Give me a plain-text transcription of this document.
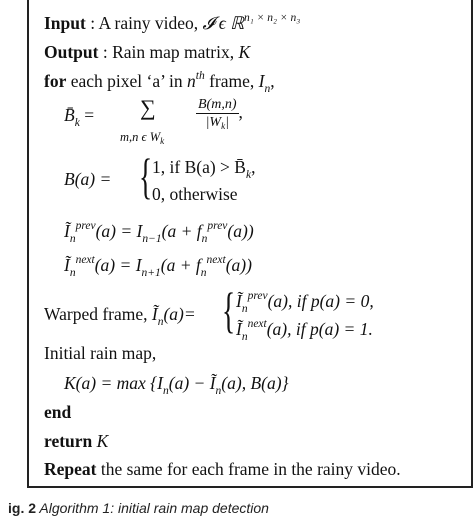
Input : A rainy video, 𝓘 ϵ ℝ$^{n_1 \times n_2 \times n_3}$
Output : Rain map matrix, K
for each pixel ‘a’ in $n^{th}$ frame, $I_n$,
$B̄_k$ = ∑
m,n ϵ Wk
$\frac{B(m,n)}{|W_k|}$ ,
B(a) = { 1, if $B(a) > B̄_k$,
0, otherwise
$Ĩ_n^{prev}(a) = I_{n-1}(a + f_n^{prev}(a))$
$Ĩ_n^{next}(a) = I_{n+1}(a + f_n^{next}(a))$
Warped frame, $Ĩ_n(a)=$ { $Ĩ_n^{prev}(a)$, if p(a) = 0,
$Ĩ_n^{next}(a)$, if p(a) = 1.
Initial rain map,
$K(a) = \max \{I_n(a)$ − $Ĩ_n(a)$, B(a)}
end
return K
Repeat the same for each frame in the rainy video.
ig. 2 Algorithm 1: initial rain map detection
